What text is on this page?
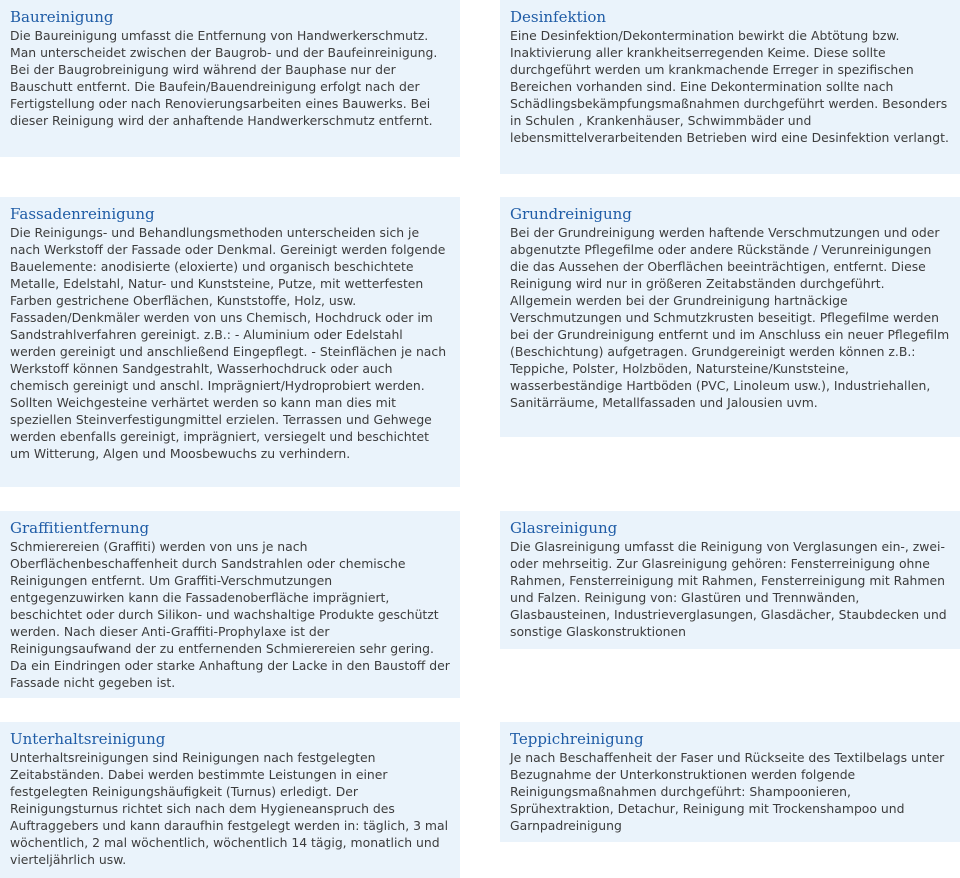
Baureinigung

Die Baureinigung umfasst die Entfernung von Handwerkerschmutz. Man unterscheidet zwischen der Baugrob- und der Baufeinreinigung. Bei der Baugrobreinigung wird während der Bauphase nur der Bauschutt entfernt. Die Baufein/Bauendreinigung erfolgt nach der Fertigstellung oder nach Renovierungsarbeiten eines Bauwerks. Bei dieser Reinigung wird der anhaftende Handwerkerschmutz entfernt.

Desinfektion

Eine Desinfektion/Dekontermination bewirkt die Abtötung bzw. Inaktivierung aller krankheitserregenden Keime. Diese sollte durchgeführt werden um krankmachende Erreger in spezifischen Bereichen vorhanden sind. Eine Dekontermination sollte nach Schädlingsbekämpfungsmaßnahmen durchgeführt werden. Besonders in Schulen , Krankenhäuser, Schwimmbäder und lebensmittelverarbeitenden Betrieben wird eine Desinfektion verlangt.

Fassadenreinigung

Die Reinigungs- und Behandlungsmethoden unterscheiden sich je nach Werkstoff der Fassade oder Denkmal. Gereinigt werden folgende Bauelemente: anodisierte (eloxierte) und organisch beschichtete Metalle, Edelstahl, Natur- und Kunststeine, Putze, mit wetterfesten Farben gestrichene Oberflächen, Kunststoffe, Holz, usw. Fassaden/Denkmäler werden von uns Chemisch, Hochdruck oder im Sandstrahlverfahren gereinigt. z.B.: - Aluminium oder Edelstahl werden gereinigt und anschließend Eingepflegt. - Steinflächen je nach Werkstoff können Sandgestrahlt, Wasserhochdruck oder auch chemisch gereinigt und anschl. Imprägniert/Hydroprobiert werden. Sollten Weichgesteine verhärtet werden so kann man dies mit speziellen Steinverfestigungmittel erzielen. Terrassen und Gehwege werden ebenfalls gereinigt, imprägniert, versiegelt und beschichtet um Witterung, Algen und Moosbewuchs zu verhindern.

Grundreinigung

Bei der Grundreinigung werden haftende Verschmutzungen und oder abgenutzte Pflegefilme oder andere Rückstände / Verunreinigungen die das Aussehen der Oberflächen beeinträchtigen, entfernt. Diese Reinigung wird nur in größeren Zeitabständen durchgeführt. Allgemein werden bei der Grundreinigung hartnäckige Verschmutzungen und Schmutzkrusten beseitigt. Pflegefilme werden bei der Grundreinigung entfernt und im Anschluss ein neuer Pflegefilm (Beschichtung) aufgetragen. Grundgereinigt werden können z.B.: Teppiche, Polster, Holzböden, Natursteine/Kunststeine, wasserbeständige Hartböden (PVC, Linoleum usw.), Industriehallen, Sanitärräume, Metallfassaden und Jalousien uvm.

Graffitientfernung

Schmierereien (Graffiti) werden von uns je nach Oberflächenbeschaffenheit durch Sandstrahlen oder chemische Reinigungen entfernt. Um Graffiti-Verschmutzungen entgegenzuwirken kann die Fassadenoberfläche imprägniert, beschichtet oder durch Silikon- und wachshaltige Produkte geschützt werden. Nach dieser Anti-Graffiti-Prophylaxe ist der Reinigungsaufwand der zu entfernenden Schmierereien sehr gering. Da ein Eindringen oder starke Anhaftung der Lacke in den Baustoff der Fassade nicht gegeben ist.

Glasreinigung

Die Glasreinigung umfasst die Reinigung von Verglasungen ein-, zwei- oder mehrseitig. Zur Glasreinigung gehören: Fensterreinigung ohne Rahmen, Fensterreinigung mit Rahmen, Fensterreinigung mit Rahmen und Falzen. Reinigung von: Glastüren und Trennwänden, Glasbausteinen, Industrieverglasungen, Glasdächer, Staubdecken und sonstige Glaskonstruktionen

Unterhaltsreinigung

Unterhaltsreinigungen sind Reinigungen nach festgelegten Zeitabständen. Dabei werden bestimmte Leistungen in einer festgelegten Reinigungshäufigkeit (Turnus) erledigt. Der Reinigungsturnus richtet sich nach dem Hygieneanspruch des Auftraggebers und kann daraufhin festgelegt werden in: täglich, 3 mal wöchentlich, 2 mal wöchentlich, wöchentlich 14 tägig, monatlich und vierteljährlich usw.

Teppichreinigung

Je nach Beschaffenheit der Faser und Rückseite des Textilbelags unter Bezugnahme der Unterkonstruktionen werden folgende Reinigungsmaßnahmen durchgeführt: Shampoonieren, Sprühextraktion, Detachur, Reinigung mit Trockenshampoo und Garnpadreinigung
